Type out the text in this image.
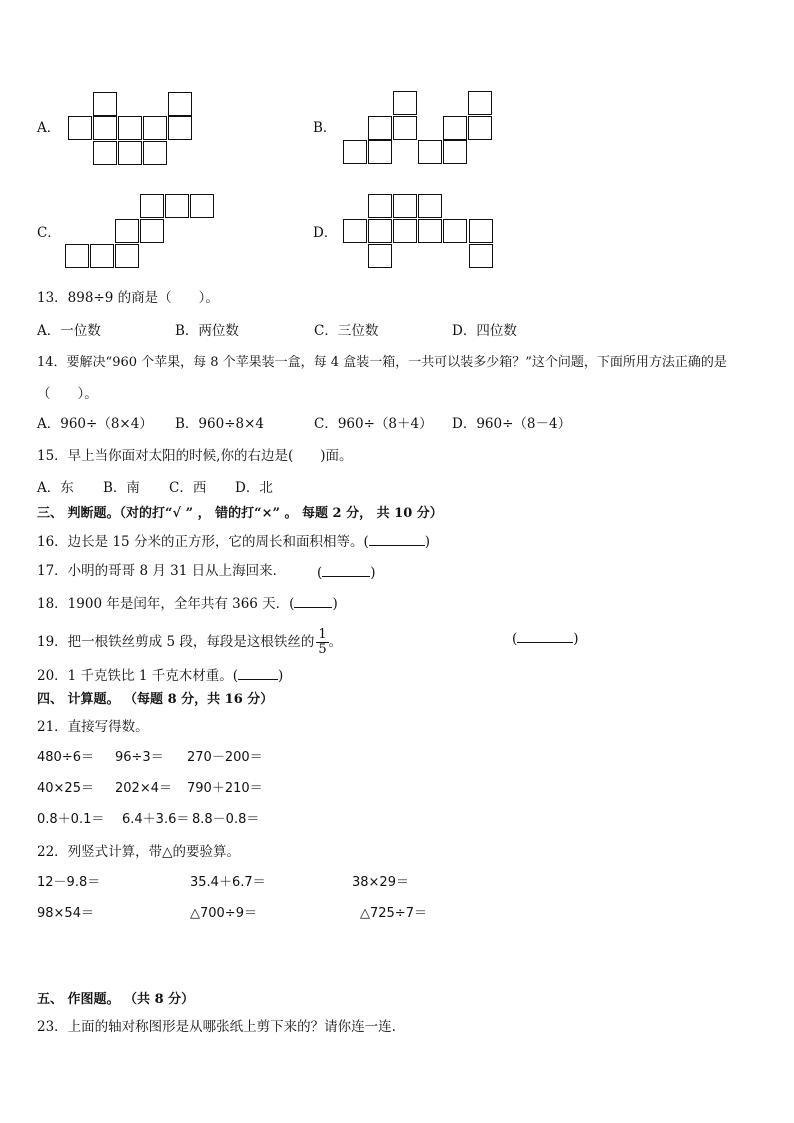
A．	B．
C．	D．
13．898÷9 的商是（　　）。
A．一位数	B．两位数	C．三位数	D．四位数
14．要解决“960 个苹果，每 8 个苹果装一盒，每 4 盒装一箱，一共可以装多少箱？”这个问题，下面所用方法正确的是
（　　）。
A．960÷（8×4） B．960÷8×4	C．960÷（8＋4） D．960÷（8－4）
15．早上当你面对太阳的时候,你的右边是(　　)面。
A．东 B．南 C．西 D．北
三、 判断题。（对的打“√ ” ， 错的打“×” 。 每题 2 分， 共 10 分）
16．边长是 15 分米的正方形，它的周长和面积相等。(	)
17．小明的哥哥 8 月 31 日从上海回来． (	)
18．1900 年是闰年，全年共有 366 天．(	)
19．把一根铁丝剪成 5 段，每段是这根铁丝的 $\frac{1}{5}$ 。	(	)
20．1 千克铁比 1 千克木材重。(	)
四、 计算题。 （每题 8 分，共 16 分）
21．直接写得数。
480÷6＝ 96÷3＝ 270－200＝
40×25＝ 202×4＝ 790＋210＝
0.8＋0.1＝ 6.4＋3.6＝ 8.8－0.8＝
22．列竖式计算，带△的要验算。
12－9.8＝	35.4＋6.7＝	38×29＝
98×54＝	△700÷9＝	△725÷7＝
五、 作图题。 （共 8 分）
23．上面的轴对称图形是从哪张纸上剪下来的？请你连一连.
